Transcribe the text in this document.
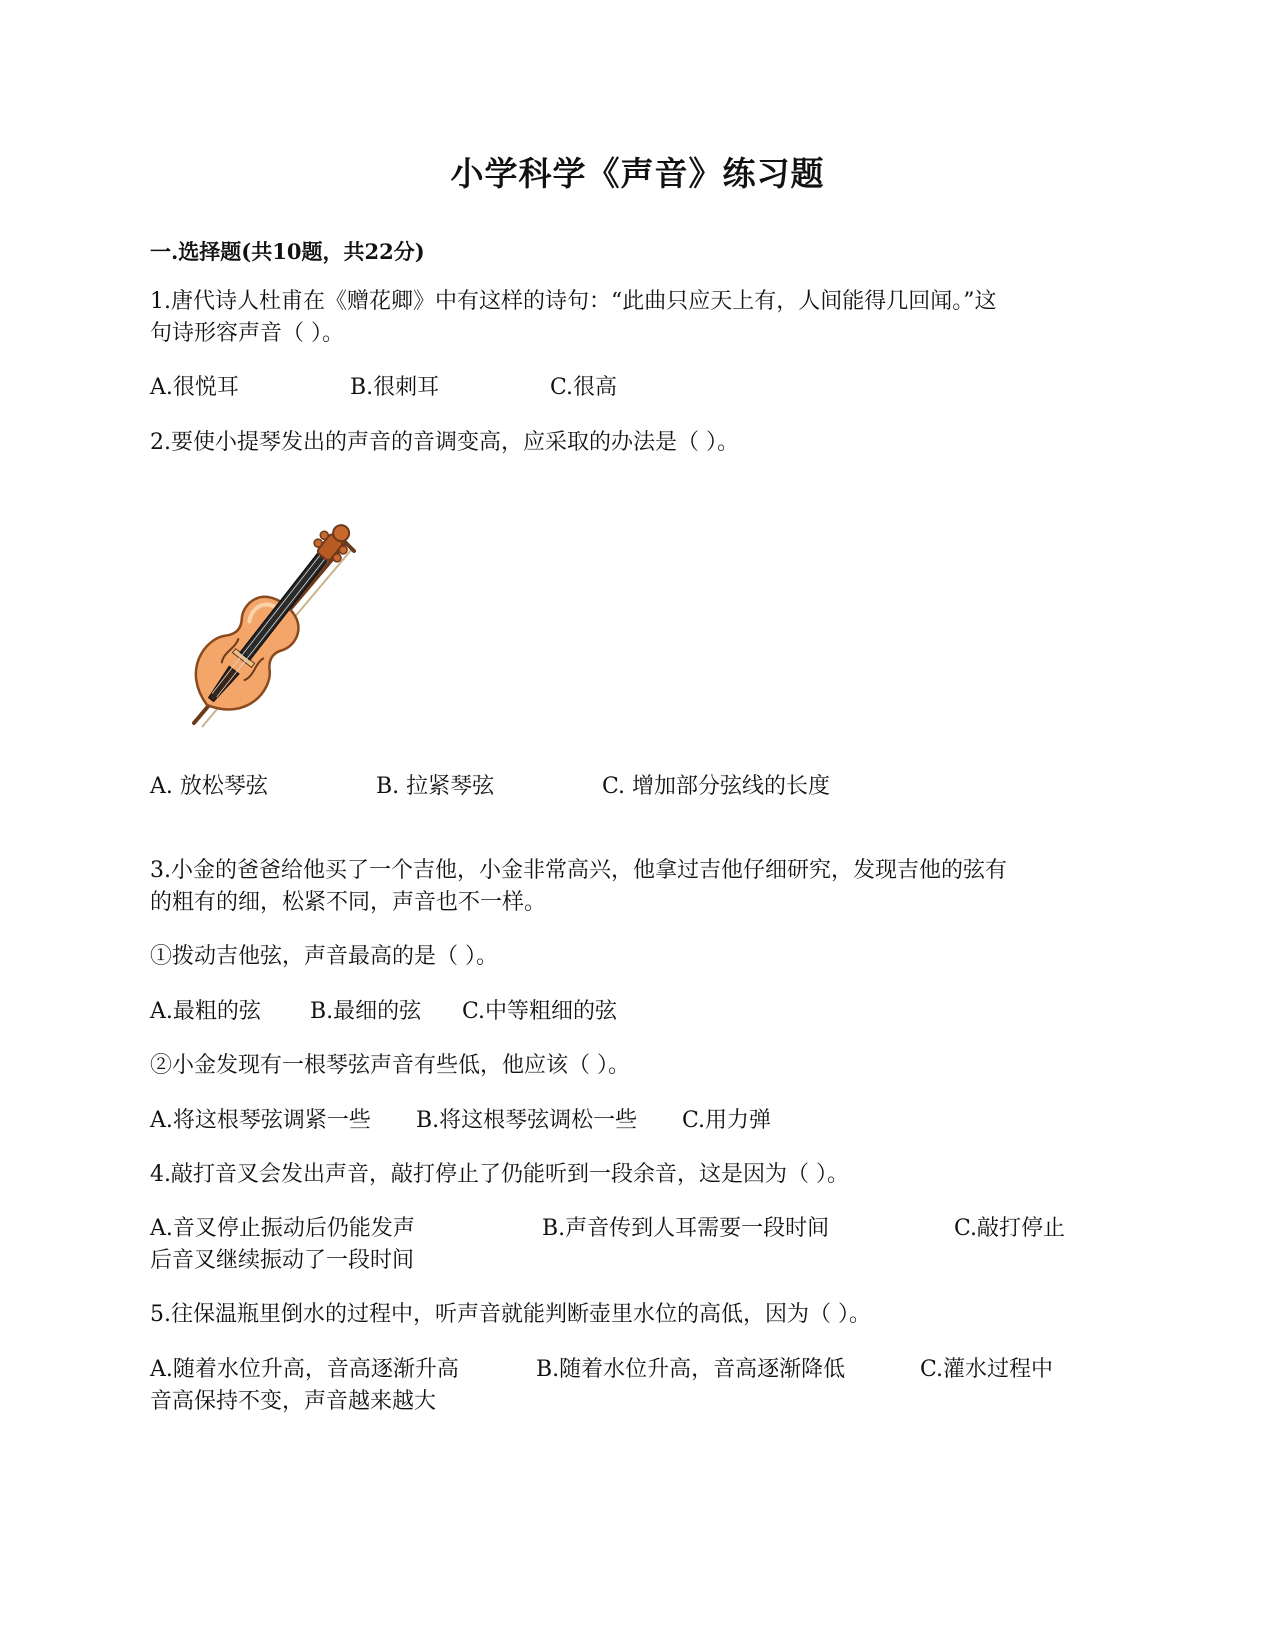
小学科学《声音》练习题
一.选择题(共10题，共22分)
1.唐代诗人杜甫在《赠花卿》中有这样的诗句：“此曲只应天上有，人间能得几回闻。”这
句诗形容声音（ ）。
A.很悦耳	B.很刺耳	C.很高
2.要使小提琴发出的声音的音调变高，应采取的办法是（ ）。
A. 放松琴弦	B. 拉紧琴弦	C. 增加部分弦线的长度
3.小金的爸爸给他买了一个吉他，小金非常高兴，他拿过吉他仔细研究，发现吉他的弦有
的粗有的细，松紧不同，声音也不一样。
①拨动吉他弦，声音最高的是（ ）。
A.最粗的弦 B.最细的弦 C.中等粗细的弦
②小金发现有一根琴弦声音有些低，他应该（ ）。
A.将这根琴弦调紧一些 B.将这根琴弦调松一些 C.用力弹
4.敲打音叉会发出声音，敲打停止了仍能听到一段余音，这是因为（ ）。
A.音叉停止振动后仍能发声	B.声音传到人耳需要一段时间	C.敲打停止
后音叉继续振动了一段时间
5.往保温瓶里倒水的过程中，听声音就能判断壶里水位的高低，因为（ ）。
A.随着水位升高，音高逐渐升高	B.随着水位升高，音高逐渐降低	C.灌水过程中
音高保持不变，声音越来越大
